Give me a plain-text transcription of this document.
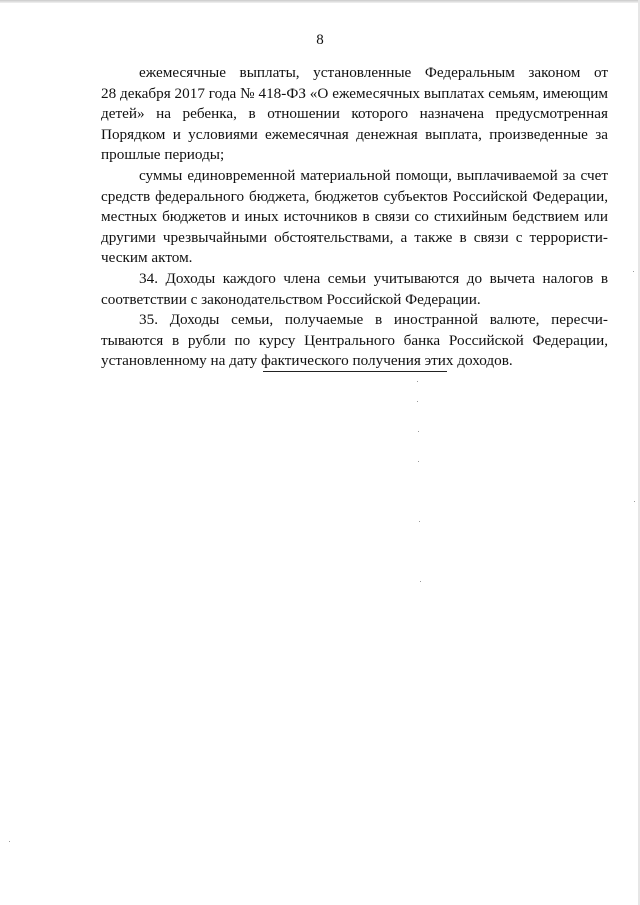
8

ежемесячные выплаты, установленные Федеральным законом от
28 декабря 2017 года № 418-ФЗ «О ежемесячных выплатах семьям, имеющим
детей» на ребенка, в отношении которого назначена предусмотренная
Порядком и условиями ежемесячная денежная выплата, произведенные за
прошлые периоды;

суммы единовременной материальной помощи, выплачиваемой за счет
средств федерального бюджета, бюджетов субъектов Российской Федерации,
местных бюджетов и иных источников в связи со стихийным бедствием или
другими чрезвычайными обстоятельствами, а также в связи с террористи-
ческим актом.

34. Доходы каждого члена семьи учитываются до вычета налогов в
соответствии с законодательством Российской Федерации.

35. Доходы семьи, получаемые в иностранной валюте, пересчи-
тываются в рубли по курсу Центрального банка Российской Федерации,
установленному на дату фактического получения этих доходов.
